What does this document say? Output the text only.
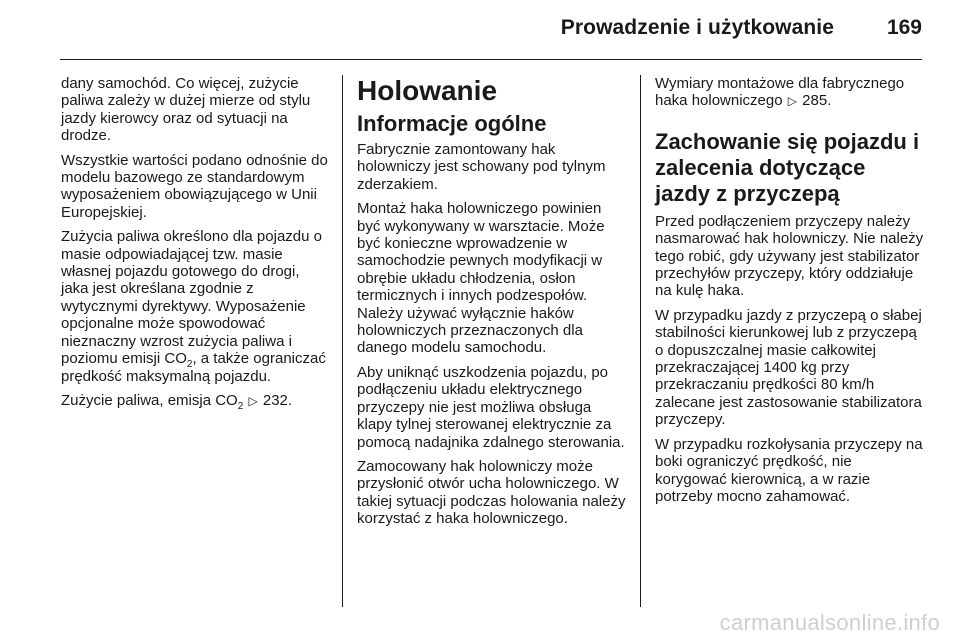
Prowadzenie i użytkowanie	169

dany samochód. Co więcej, zużycie paliwa zależy w dużej mierze od stylu jazdy kierowcy oraz od sytuacji na drodze.

Wszystkie wartości podano odnośnie do modelu bazowego ze standardowym wyposażeniem obowiązującego w Unii Europejskiej.

Zużycia paliwa określono dla pojazdu o masie odpowiadającej tzw. masie własnej pojazdu gotowego do drogi, jaka jest określana zgodnie z wytycznymi dyrektywy. Wyposażenie opcjonalne może spowodować nieznaczny wzrost zużycia paliwa i poziomu emisji $CO_2$, a także ograniczać prędkość maksymalną pojazdu.

Zużycie paliwa, emisja $CO_2$ ▷ 232.

Holowanie
Informacje ogólne

Fabrycznie zamontowany hak holowniczy jest schowany pod tylnym zderzakiem.

Montaż haka holowniczego powinien być wykonywany w warsztacie. Może być konieczne wprowadzenie w samochodzie pewnych modyfikacji w obrębie układu chłodzenia, osłon termicznych i innych podzespołów. Należy używać wyłącznie haków holowniczych przeznaczonych dla danego modelu samochodu.

Aby uniknąć uszkodzenia pojazdu, po podłączeniu układu elektrycznego przyczepy nie jest możliwa obsługa klapy tylnej sterowanej elektrycznie za pomocą nadajnika zdalnego sterowania.

Zamocowany hak holowniczy może przysłonić otwór ucha holowniczego. W takiej sytuacji podczas holowania należy korzystać z haka holowniczego.

Wymiary montażowe dla fabrycznego haka holowniczego ▷ 285.

Zachowanie się pojazdu i zalecenia dotyczące jazdy z przyczepą

Przed podłączeniem przyczepy należy nasmarować hak holowniczy. Nie należy tego robić, gdy używany jest stabilizator przechyłów przyczepy, który oddziałuje na kulę haka.

W przypadku jazdy z przyczepą o słabej stabilności kierunkowej lub z przyczepą o dopuszczalnej masie całkowitej przekraczającej 1400 kg przy przekraczaniu prędkości 80 km/h zalecane jest zastosowanie stabilizatora przyczepy.

W przypadku rozkołysania przyczepy na boki ograniczyć prędkość, nie korygować kierownicą, a w razie potrzeby mocno zahamować.

carmanualsonline.info
